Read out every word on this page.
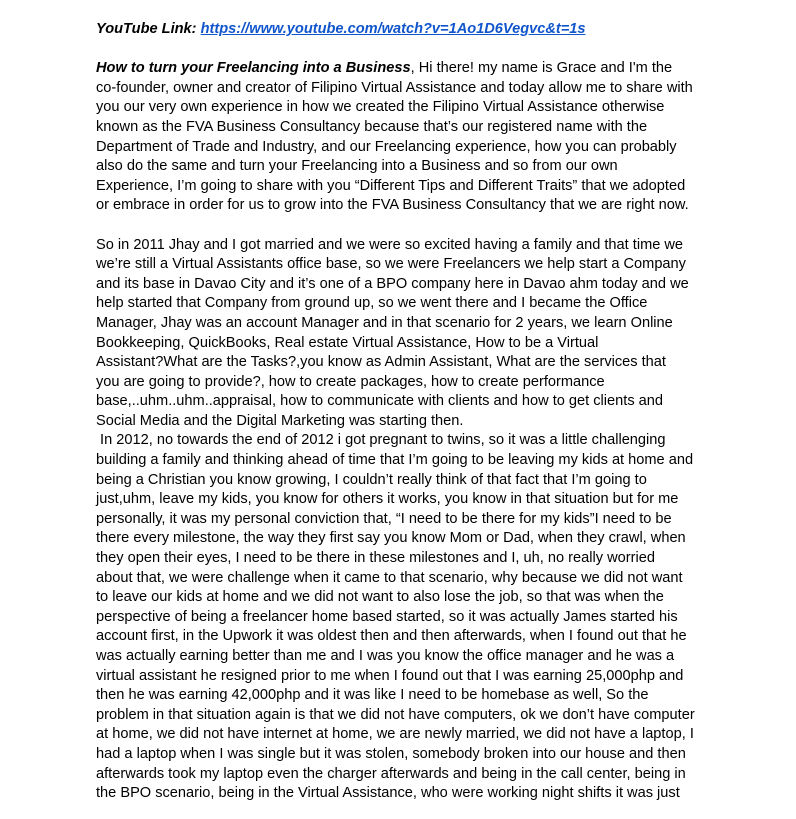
YouTube Link: https://www.youtube.com/watch?v=1Ao1D6Vegvc&t=1s
How to turn your Freelancing into a Business, Hi there! my name is Grace and I'm the
co-founder, owner and creator of Filipino Virtual Assistance and today allow me to share with
you our very own experience in how we created the Filipino Virtual Assistance otherwise
known as the FVA Business Consultancy because that’s our registered name with the
Department of Trade and Industry, and our Freelancing experience, how you can probably
also do the same and turn your Freelancing into a Business and so from our own
Experience, I’m going to share with you “Different Tips and Different Traits” that we adopted
or embrace in order for us to grow into the FVA Business Consultancy that we are right now.
So in 2011 Jhay and I got married and we were so excited having a family and that time we
we’re still a Virtual Assistants office base, so we were Freelancers we help start a Company
and its base in Davao City and it’s one of a BPO company here in Davao ahm today and we
help started that Company from ground up, so we went there and I became the Office
Manager, Jhay was an account Manager and in that scenario for 2 years, we learn Online
Bookkeeping, QuickBooks, Real estate Virtual Assistance, How to be a Virtual
Assistant?What are the Tasks?,you know as Admin Assistant, What are the services that
you are going to provide?, how to create packages, how to create performance
base,..uhm..uhm..appraisal, how to communicate with clients and how to get clients and
Social Media and the Digital Marketing was starting then.
In 2012, no towards the end of 2012 i got pregnant to twins, so it was a little challenging
building a family and thinking ahead of time that I’m going to be leaving my kids at home and
being a Christian you know growing, I couldn’t really think of that fact that I’m going to
just,uhm, leave my kids, you know for others it works, you know in that situation but for me
personally, it was my personal conviction that, “I need to be there for my kids”I need to be
there every milestone, the way they first say you know Mom or Dad, when they crawl, when
they open their eyes, I need to be there in these milestones and I, uh, no really worried
about that, we were challenge when it came to that scenario, why because we did not want
to leave our kids at home and we did not want to also lose the job, so that was when the
perspective of being a freelancer home based started, so it was actually James started his
account first, in the Upwork it was oldest then and then afterwards, when I found out that he
was actually earning better than me and I was you know the office manager and he was a
virtual assistant he resigned prior to me when I found out that I was earning 25,000php and
then he was earning 42,000php and it was like I need to be homebase as well, So the
problem in that situation again is that we did not have computers, ok we don’t have computer
at home, we did not have internet at home, we are newly married, we did not have a laptop, I
had a laptop when I was single but it was stolen, somebody broken into our house and then
afterwards took my laptop even the charger afterwards and being in the call center, being in
the BPO scenario, being in the Virtual Assistance, who were working night shifts it was just
